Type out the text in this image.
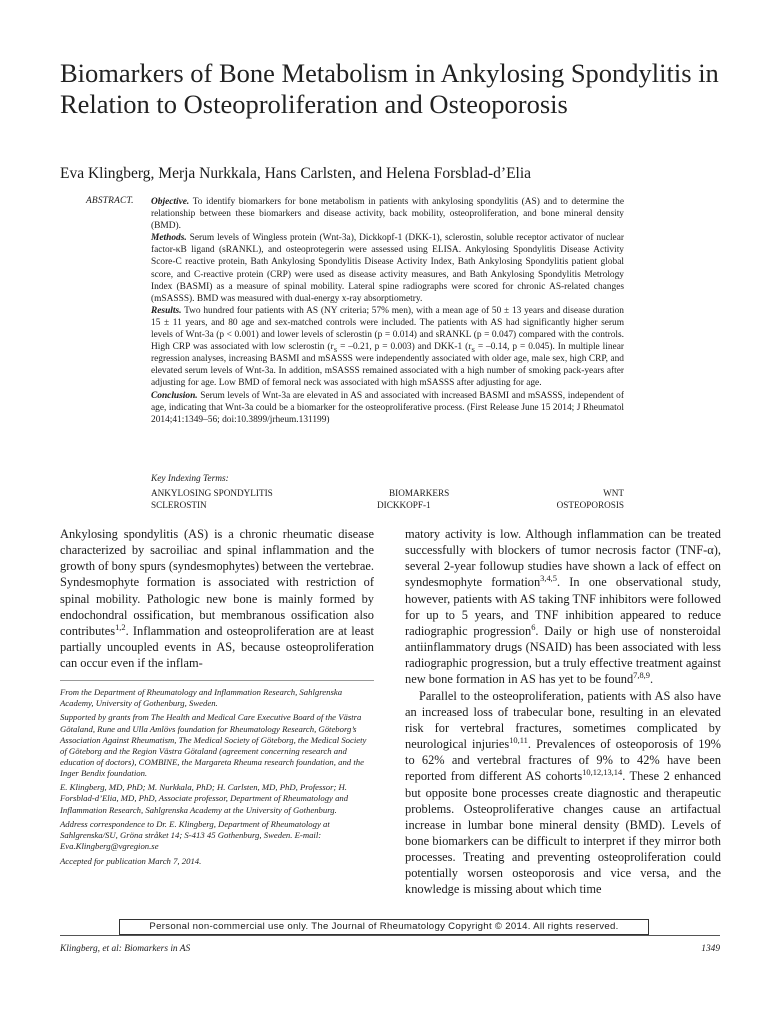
Biomarkers of Bone Metabolism in Ankylosing Spondylitis in Relation to Osteoproliferation and Osteoporosis
Eva Klingberg, Merja Nurkkala, Hans Carlsten, and Helena Forsblad-d’Elia
ABSTRACT. Objective. To identify biomarkers for bone metabolism in patients with ankylosing spondylitis (AS) and to determine the relationship between these biomarkers and disease activity, back mobility, osteoproliferation, and bone mineral density (BMD).

Methods. Serum levels of Wingless protein (Wnt-3a), Dickkopf-1 (DKK-1), sclerostin, soluble receptor activator of nuclear factor-κB ligand (sRANKL), and osteoprotegerin were assessed using ELISA. Ankylosing Spondylitis Disease Activity Score-C reactive protein, Bath Ankylosing Spondylitis Disease Activity Index, Bath Ankylosing Spondylitis patient global score, and C-reactive protein (CRP) were used as disease activity measures, and Bath Ankylosing Spondylitis Metrology Index (BASMI) as a measure of spinal mobility. Lateral spine radiographs were scored for chronic AS-related changes (mSASSS). BMD was measured with dual-energy x-ray absorptiometry.

Results. Two hundred four patients with AS (NY criteria; 57% men), with a mean age of 50 ± 13 years and disease duration 15 ± 11 years, and 80 age and sex-matched controls were included. The patients with AS had significantly higher serum levels of Wnt-3a (p < 0.001) and lower levels of sclerostin (p = 0.014) and sRANKL (p = 0.047) compared with the controls. High CRP was associated with low sclerostin ($r_S = -0.21$, p = 0.003) and DKK-1 ($r_S = -0.14$, p = 0.045). In multiple linear regression analyses, increasing BASMI and mSASSS were independently associated with older age, male sex, high CRP, and elevated serum levels of Wnt-3a. In addition, mSASSS remained associated with a high number of smoking pack-years after adjusting for age. Low BMD of femoral neck was associated with high mSASSS after adjusting for age.

Conclusion. Serum levels of Wnt-3a are elevated in AS and associated with increased BASMI and mSASSS, independent of age, indicating that Wnt-3a could be a biomarker for the osteoproliferative process. (First Release June 15 2014; J Rheumatol 2014;41:1349–56; doi:10.3899/jrheum.131199)

Key Indexing Terms:
ANKYLOSING SPONDYLITIS	BIOMARKERS	WNT
SCLEROSTIN	DICKKOPF-1	OSTEOPOROSIS

Ankylosing spondylitis (AS) is a chronic rheumatic disease characterized by sacroiliac and spinal inflammation and the growth of bony spurs (syndesmophytes) between the vertebrae. Syndesmophyte formation is associated with restriction of spinal mobility. Pathologic new bone is mainly formed by endochondral ossification, but membranous ossification also contributes$^{1,2}$. Inflammation and osteoproliferation are at least partially uncoupled events in AS, because osteoproliferation can occur even if the inflam-

From the Department of Rheumatology and Inflammation Research, Sahlgrenska Academy, University of Gothenburg, Sweden.

Supported by grants from The Health and Medical Care Executive Board of the Västra Götaland, Rune and Ulla Amlövs foundation for Rheumatology Research, Göteborg’s Association Against Rheumatism, The Medical Society of Göteborg, the Medical Society of Göteborg and the Region Västra Götaland (agreement concerning research and education of doctors), COMBINE, the Margareta Rheuma research foundation, and the Inger Bendix foundation.

E. Klingberg, MD, PhD; M. Nurkkala, PhD; H. Carlsten, MD, PhD, Professor; H. Forsblad-d’Elia, MD, PhD, Associate professor, Department of Rheumatology and Inflammation Research, Sahlgrenska Academy at the University of Gothenburg.

Address correspondence to Dr. E. Klingberg, Department of Rheumatology at Sahlgrenska/SU, Gröna stråket 14; S-413 45 Gothenburg, Sweden. E-mail: Eva.Klingberg@vgregion.se

Accepted for publication March 7, 2014.

matory activity is low. Although inflammation can be treated successfully with blockers of tumor necrosis factor (TNF-α), several 2-year followup studies have shown a lack of effect on syndesmophyte formation$^{3,4,5}$. In one observational study, however, patients with AS taking TNF inhibitors were followed for up to 5 years, and TNF inhibition appeared to reduce radiographic progression$^6$. Daily or high use of nonsteroidal antiinflammatory drugs (NSAID) has been associated with less radiographic progression, but a truly effective treatment against new bone formation in AS has yet to be found$^{7,8,9}$.

Parallel to the osteoproliferation, patients with AS also have an increased loss of trabecular bone, resulting in an elevated risk for vertebral fractures, sometimes complicated by neurological injuries$^{10,11}$. Prevalences of osteoporosis of 19% to 62% and vertebral fractures of 9% to 42% have been reported from different AS cohorts$^{10,12,13,14}$. These 2 enhanced but opposite bone processes create diagnostic and therapeutic problems. Osteoproliferative changes cause an artifactual increase in lumbar bone mineral density (BMD). Levels of bone biomarkers can be difficult to interpret if they mirror both processes. Treating and preventing osteoproliferation could potentially worsen osteoporosis and vice versa, and the knowledge is missing about which time

Personal non-commercial use only. The Journal of Rheumatology Copyright © 2014. All rights reserved.
Klingberg, et al: Biomarkers in AS	1349
